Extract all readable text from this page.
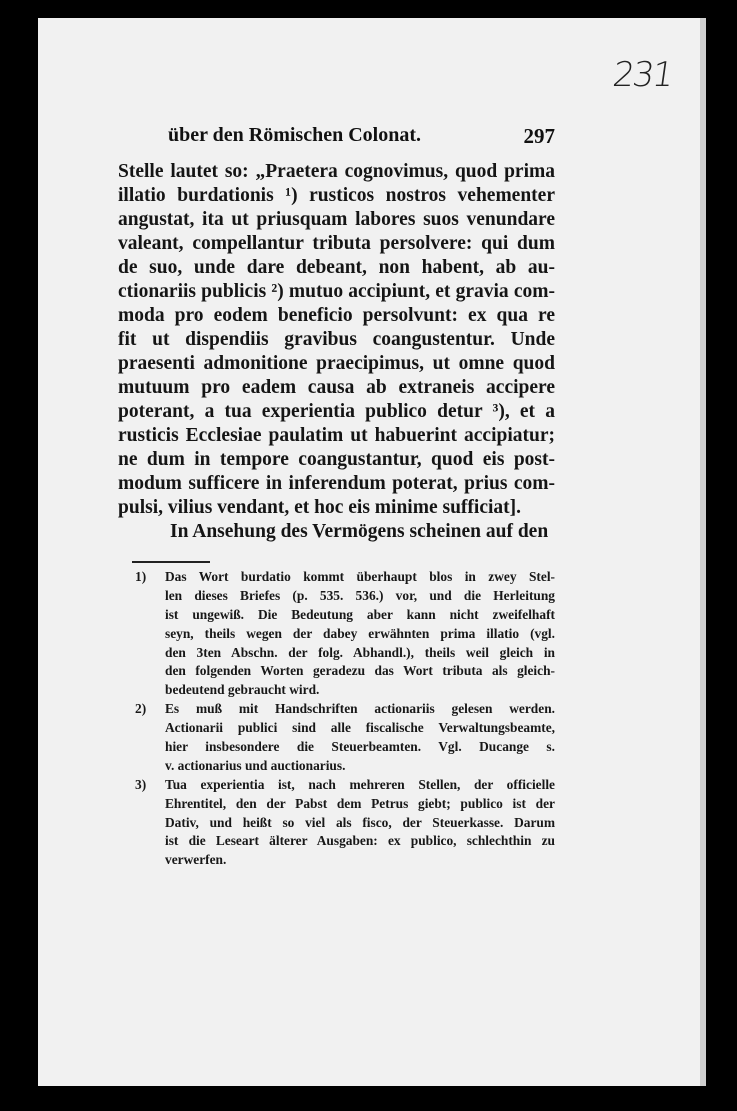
231
über den Römischen Colonat.	297
Stelle lautet so: „Praetera cognovimus, quod prima
illatio burdationis ¹) rusticos nostros vehementer
angustat, ita ut priusquam labores suos venundare
valeant, compellantur tributa persolvere: qui dum
de suo, unde dare debeant, non habent, ab au-
ctionariis publicis ²) mutuo accipiunt, et gravia com-
moda pro eodem beneficio persolvunt: ex qua re
fit ut dispendiis gravibus coangustentur. Unde
praesenti admonitione praecipimus, ut omne quod
mutuum pro eadem causa ab extraneis accipere
poterant, a tua experientia publico detur ³), et a
rusticis Ecclesiae paulatim ut habuerint accipiatur;
ne dum in tempore coangustantur, quod eis post-
modum sufficere in inferendum poterat, prius com-
pulsi, vilius vendant, et hoc eis minime sufficiat].
In Ansehung des Vermögens scheinen auf den
1) Das Wort burdatio kommt überhaupt blos in zwey Stel-
len dieses Briefes (p. 535. 536.) vor, und die Herleitung
ist ungewiß. Die Bedeutung aber kann nicht zweifelhaft
seyn, theils wegen der dabey erwähnten prima illatio (vgl.
den 3ten Abschn. der folg. Abhandl.), theils weil gleich in
den folgenden Worten geradezu das Wort tributa als gleich-
bedeutend gebraucht wird.
2) Es muß mit Handschriften actionariis gelesen werden.
Actionarii publici sind alle fiscalische Verwaltungsbeamte,
hier insbesondere die Steuerbeamten. Vgl. Ducange s.
v. actionarius und auctionarius.
3) Tua experientia ist, nach mehreren Stellen, der officielle
Ehrentitel, den der Pabst dem Petrus giebt; publico ist der
Dativ, und heißt so viel als fisco, der Steuerkasse. Darum
ist die Leseart älterer Ausgaben: ex publico, schlechthin zu
verwerfen.
